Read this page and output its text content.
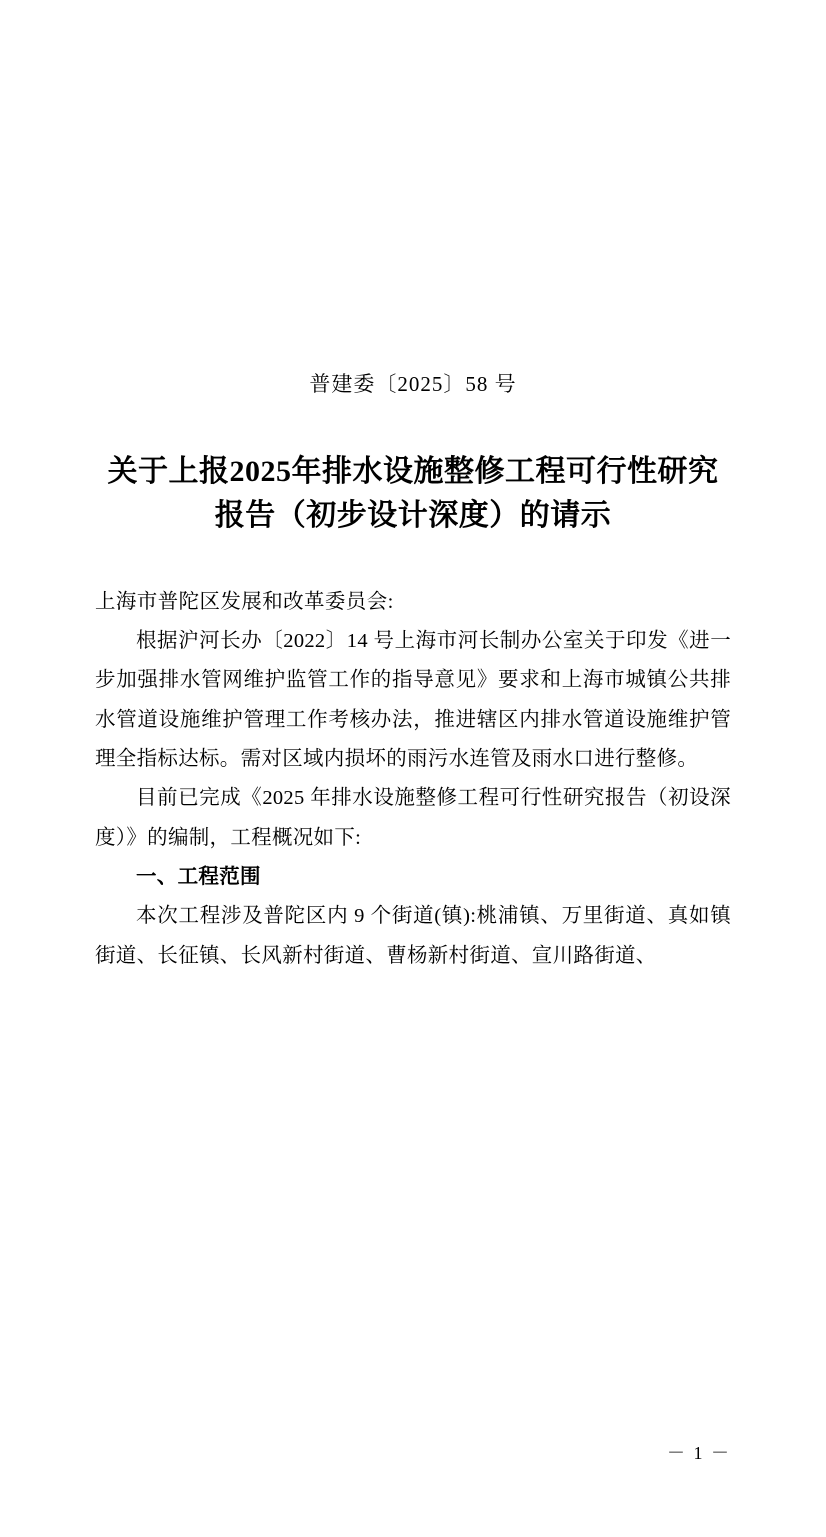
普建委〔2025〕58 号
关于上报2025年排水设施整修工程可行性研究
报告（初步设计深度）的请示
上海市普陀区发展和改革委员会:

根据沪河长办〔2022〕14 号上海市河长制办公室关于印发《进一步加强排水管网维护监管工作的指导意见》要求和上海市城镇公共排水管道设施维护管理工作考核办法，推进辖区内排水管道设施维护管理全指标达标。需对区域内损坏的雨污水连管及雨水口进行整修。

目前已完成《2025 年排水设施整修工程可行性研究报告（初设深度）》的编制，工程概况如下:

一、工程范围

本次工程涉及普陀区内 9 个街道(镇):桃浦镇、万里街道、真如镇街道、长征镇、长风新村街道、曹杨新村街道、宣川路街道、

－ 1 －
